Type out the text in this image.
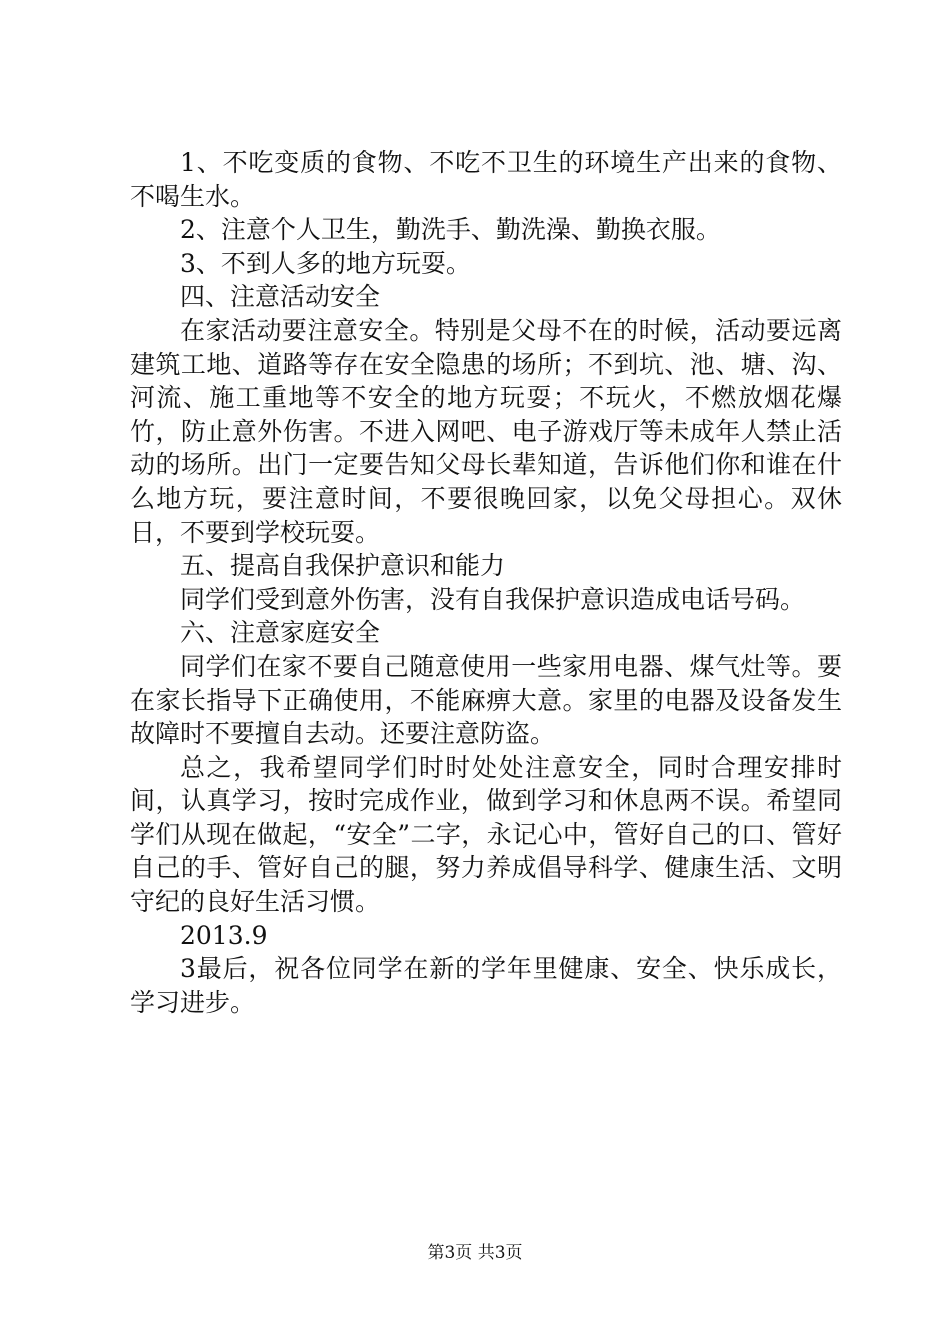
1、不吃变质的食物、不吃不卫生的环境生产出来的食物、不喝生水。

2、注意个人卫生，勤洗手、勤洗澡、勤换衣服。

3、不到人多的地方玩耍。

四、注意活动安全

在家活动要注意安全。特别是父母不在的时候，活动要远离建筑工地、道路等存在安全隐患的场所；不到坑、池、塘、沟、河流、施工重地等不安全的地方玩耍；不玩火，不燃放烟花爆竹，防止意外伤害。不进入网吧、电子游戏厅等未成年人禁止活动的场所。出门一定要告知父母长辈知道，告诉他们你和谁在什么地方玩，要注意时间，不要很晚回家，以免父母担心。双休日，不要到学校玩耍。

五、提高自我保护意识和能力

同学们受到意外伤害，没有自我保护意识造成电话号码。

六、注意家庭安全

同学们在家不要自己随意使用一些家用电器、煤气灶等。要在家长指导下正确使用，不能麻痹大意。家里的电器及设备发生故障时不要擅自去动。还要注意防盗。

总之，我希望同学们时时处处注意安全，同时合理安排时间，认真学习，按时完成作业，做到学习和休息两不误。希望同学们从现在做起，“安全”二字，永记心中，管好自己的口、管好自己的手、管好自己的腿，努力养成倡导科学、健康生活、文明守纪的良好生活习惯。

2013.9

3最后，祝各位同学在新的学年里健康、安全、快乐成长，学习进步。

第3页 共3页
